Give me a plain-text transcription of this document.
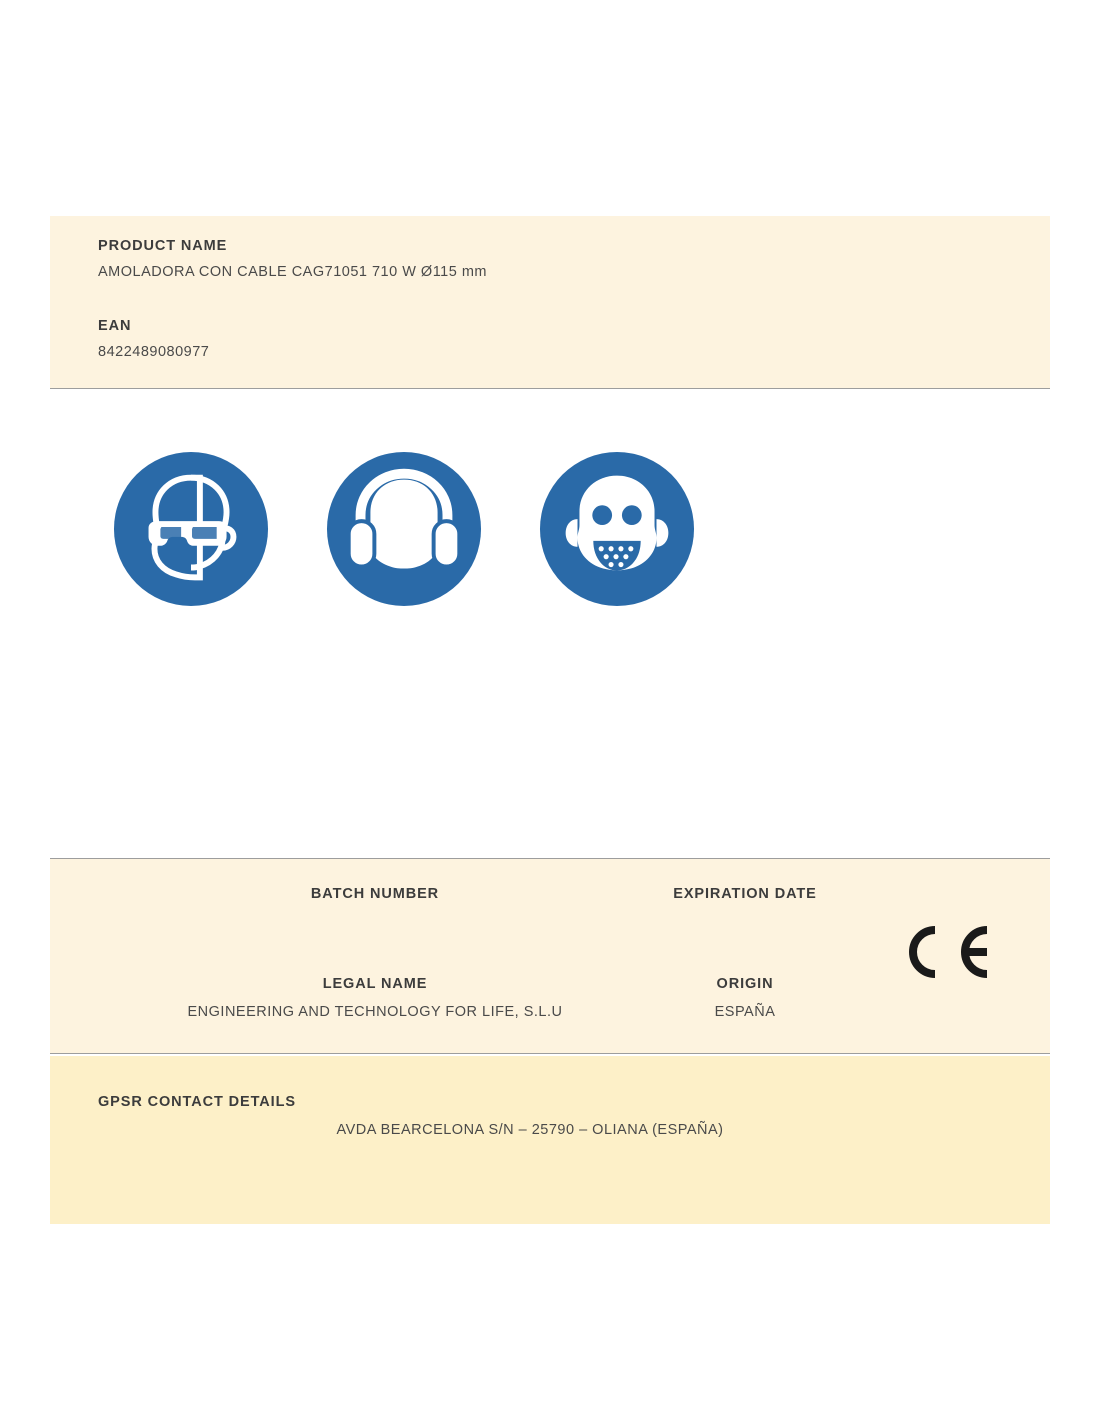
PRODUCT NAME
AMOLADORA CON CABLE CAG71051 710 W Ø115 mm
EAN
8422489080977
BATCH NUMBER	EXPIRATION DATE
LEGAL NAME
ENGINEERING AND TECHNOLOGY FOR LIFE, S.L.U
ORIGIN
ESPAÑA
GPSR CONTACT DETAILS
AVDA BEARCELONA S/N – 25790 – OLIANA (ESPAÑA)
